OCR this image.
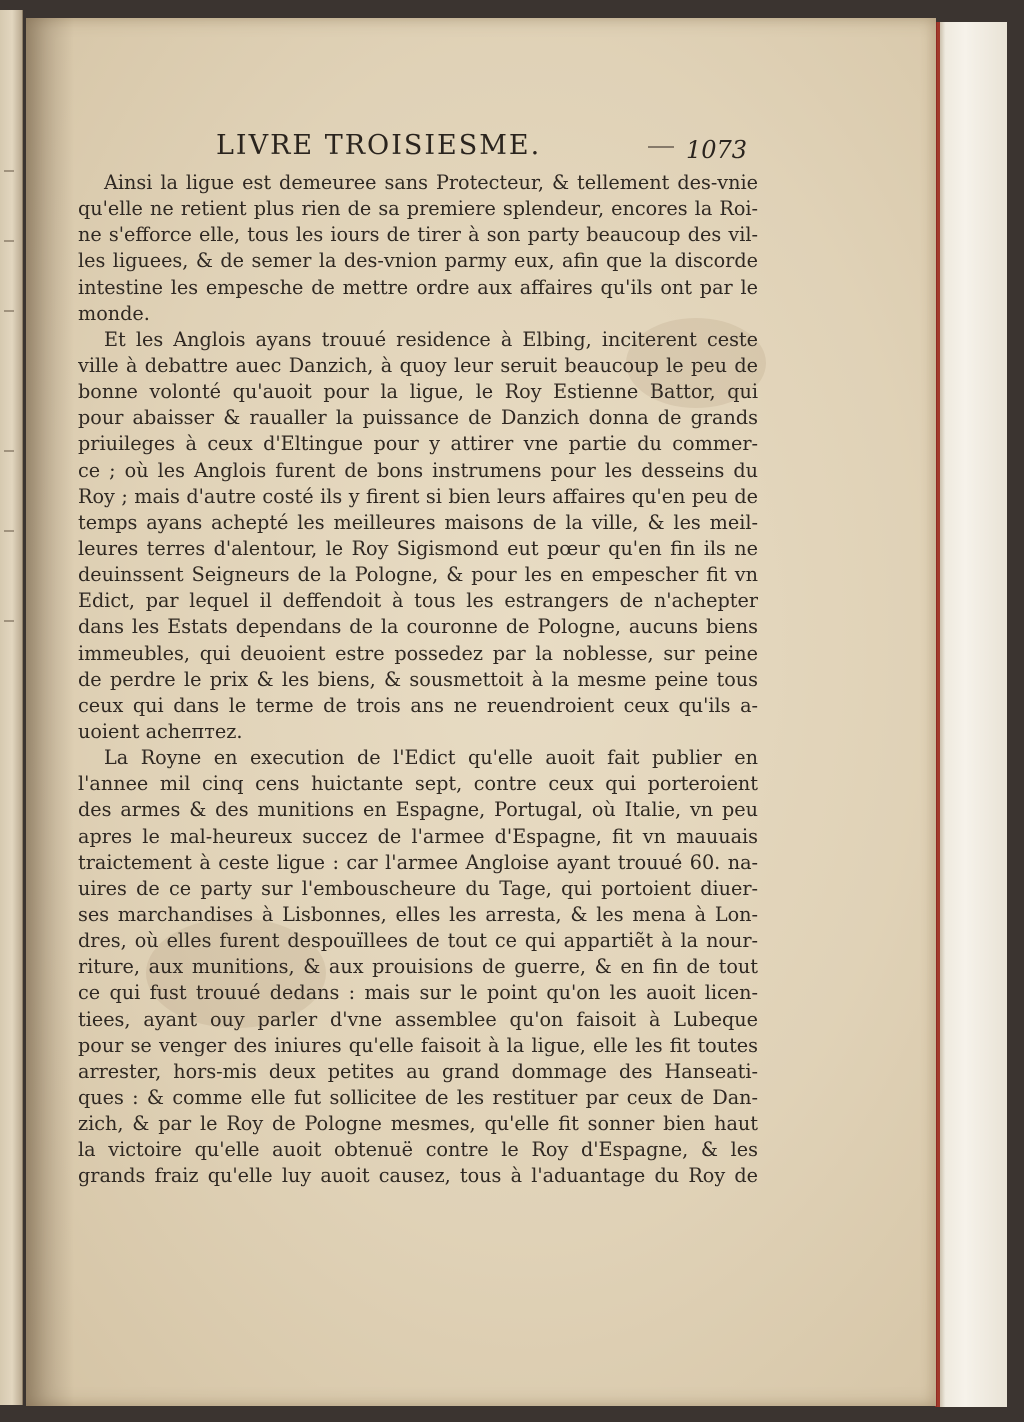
LIVRE TROISIESME.	1073
Ainsi la ligue est demeuree sans Protecteur, & tellement des-vnie
qu'elle ne retient plus rien de sa premiere splendeur, encores la Roi-
ne s'efforce elle, tous les iours de tirer à son party beaucoup des vil-
les liguees, & de semer la des-vnion parmy eux, afin que la discorde
intestine les empesche de mettre ordre aux affaires qu'ils ont par le
monde.
Et les Anglois ayans trouué residence à Elbing, inciterent ceste
ville à debattre auec Danzich, à quoy leur seruit beaucoup le peu de
bonne volonté qu'auoit pour la ligue, le Roy Estienne Battor, qui
pour abaisser & raualler la puissance de Danzich donna de grands
priuileges à ceux d'Eltingue pour y attirer vne partie du commer-
ce ; où les Anglois furent de bons instrumens pour les desseins du
Roy ; mais d'autre costé ils y firent si bien leurs affaires qu'en peu de
temps ayans achepté les meilleures maisons de la ville, & les meil-
leures terres d'alentour, le Roy Sigismond eut pœur qu'en fin ils ne
deuinssent Seigneurs de la Pologne, & pour les en empescher fit vn
Edict, par lequel il deffendoit à tous les estrangers de n'achepter
dans les Estats dependans de la couronne de Pologne, aucuns biens
immeubles, qui deuoient estre possedez par la noblesse, sur peine
de perdre le prix & les biens, & sousmettoit à la mesme peine tous
ceux qui dans le terme de trois ans ne reuendroient ceux qu'ils a-
uoient achептez.
La Royne en execution de l'Edict qu'elle auoit fait publier en
l'annee mil cinq cens huictante sept, contre ceux qui porteroient
des armes & des munitions en Espagne, Portugal, où Italie, vn peu
apres le mal-heureux succez de l'armee d'Espagne, fit vn mauuais
traictement à ceste ligue : car l'armee Angloise ayant trouué 60. na-
uires de ce party sur l'embouscheure du Tage, qui portoient diuer-
ses marchandises à Lisbonnes, elles les arresta, & les mena à Lon-
dres, où elles furent despouïllees de tout ce qui appartiẽt à la nour-
riture, aux munitions, & aux prouisions de guerre, & en fin de tout
ce qui fust trouué dedans : mais sur le point qu'on les auoit licen-
tiees, ayant ouy parler d'vne assemblee qu'on faisoit à Lubeque
pour se venger des iniures qu'elle faisoit à la ligue, elle les fit toutes
arrester, hors-mis deux petites au grand dommage des Hanseati-
ques : & comme elle fut sollicitee de les restituer par ceux de Dan-
zich, & par le Roy de Pologne mesmes, qu'elle fit sonner bien haut
la victoire qu'elle auoit obtenuë contre le Roy d'Espagne, & les
grands fraiz qu'elle luy auoit causez, tous à l'aduantage du Roy de
